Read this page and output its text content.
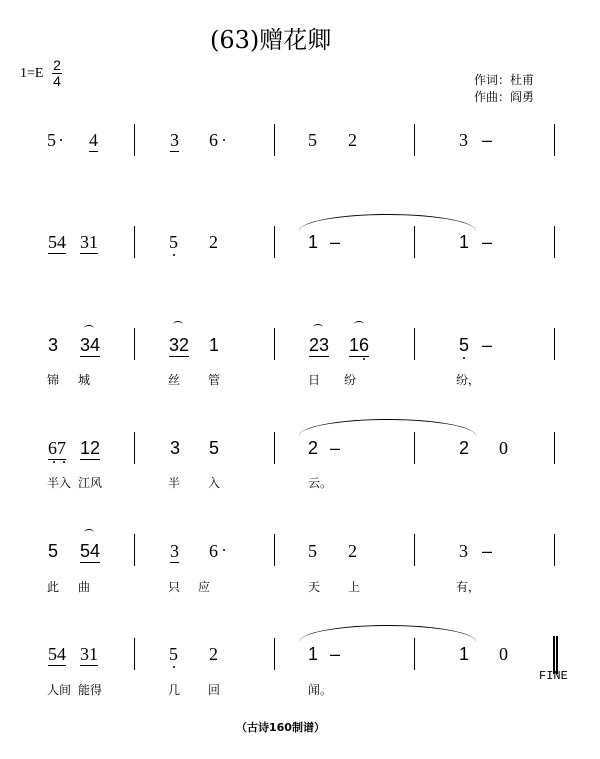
(63)赠花卿
1=E
2
4	作词：杜甫
作曲：阎勇
5 4	3 6	5 2	3 –
54 31	5 2	1 –	1 –
3 34	32 1	23 16	5 –
锦 城	丝 管	日 纷	纷，
67 12	3 5	2 –	2 0
半入 江风	半 入	云。
5 54	3 6	5 2	3 –
此 曲	只 应	天 上	有，
54 31	5 2	1 –	1 0
人间 能得	几 回	闻。
FINE
（古诗160制谱）
